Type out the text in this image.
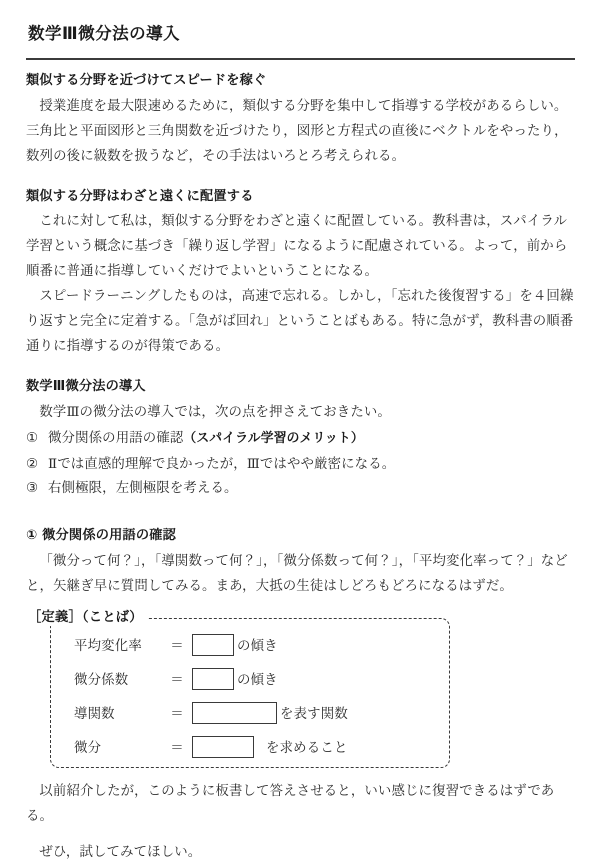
数学Ⅲ微分法の導入
類似する分野を近づけてスピードを稼ぐ

授業進度を最大限速めるために，類似する分野を集中して指導する学校があるらしい。三角比と平面図形と三角関数を近づけたり，図形と方程式の直後にベクトルをやったり，数列の後に級数を扱うなど，その手法はいろとろ考えられる。

類似する分野はわざと遠くに配置する

これに対して私は，類似する分野をわざと遠くに配置している。教科書は，スパイラル学習という概念に基づき「繰り返し学習」になるように配慮されている。よって，前から順番に普通に指導していくだけでよいということになる。

スピードラーニングしたものは，高速で忘れる。しかし，「忘れた後復習する」を４回繰り返すと完全に定着する。「急がば回れ」ということばもある。特に急がず，教科書の順番通りに指導するのが得策である。

数学Ⅲ微分法の導入

数学Ⅲの微分法の導入では，次の点を押さえておきたい。

① 微分関係の用語の確認（スパイラル学習のメリット）
② Ⅱでは直感的理解で良かったが，Ⅲではやや厳密になる。
③ 右側極限，左側極限を考える。
① 微分関係の用語の確認

「微分って何？」，「導関数って何？」，「微分係数って何？」，「平均変化率って？」などと，矢継ぎ早に質問してみる。まあ，大抵の生徒はしどろもどろになるはずだ。

［定義］（ことば）
平均変化率	＝	の傾き
微分係数	＝	の傾き
導関数	＝	を表す関数
微分	＝	を求めること

以前紹介したが，このように板書して答えさせると，いい感じに復習できるはずである。

ぜひ，試してみてほしい。
